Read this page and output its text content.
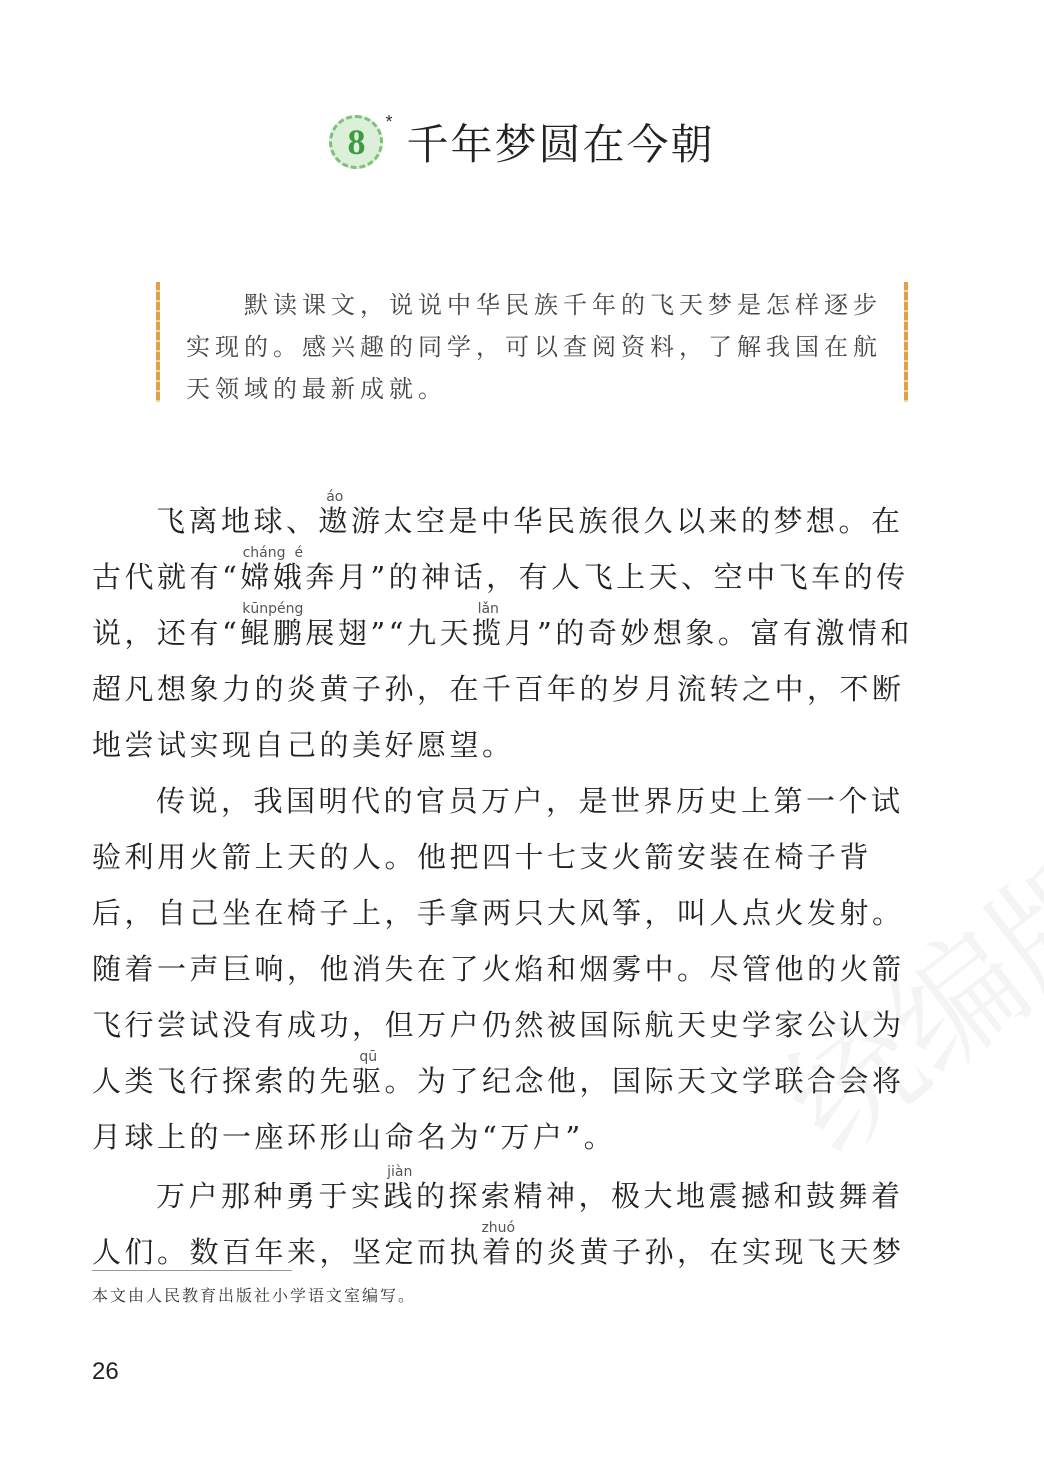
8	* 千年梦圆在今朝
默读课文，说说中华民族千年的飞天梦是怎样逐步实现的。感兴趣的同学，可以查阅资料，了解我国在航天领域的最新成就。

飞离地球、遨áo游太空是中华民族很久以来的梦想。在古代就有“嫦娥cháng é奔月”的神话，有人飞上天、空中飞车的传说，还有“鲲鹏kūnpéng展翅”“九天揽lǎn月”的奇妙想象。富有激情和超凡想象力的炎黄子孙，在千百年的岁月流转之中，不断地尝试实现自己的美好愿望。

传说，我国明代的官员万户，是世界历史上第一个试验利用火箭上天的人。他把四十七支火箭安装在椅子背后，自己坐在椅子上，手拿两只大风筝，叫人点火发射。随着一声巨响，他消失在了火焰和烟雾中。尽管他的火箭飞行尝试没有成功，但万户仍然被国际航天史学家公认为人类飞行探索的先驱qū。为了纪念他，国际天文学联合会将月球上的一座环形山命名为“万户”。

万户那种勇于实践jiàn的探索精神，极大地震撼和鼓舞着人们。数百年来，坚定而执着zhuó的炎黄子孙，在实现飞天梦

本文由人民教育出版社小学语文室编写。
26
